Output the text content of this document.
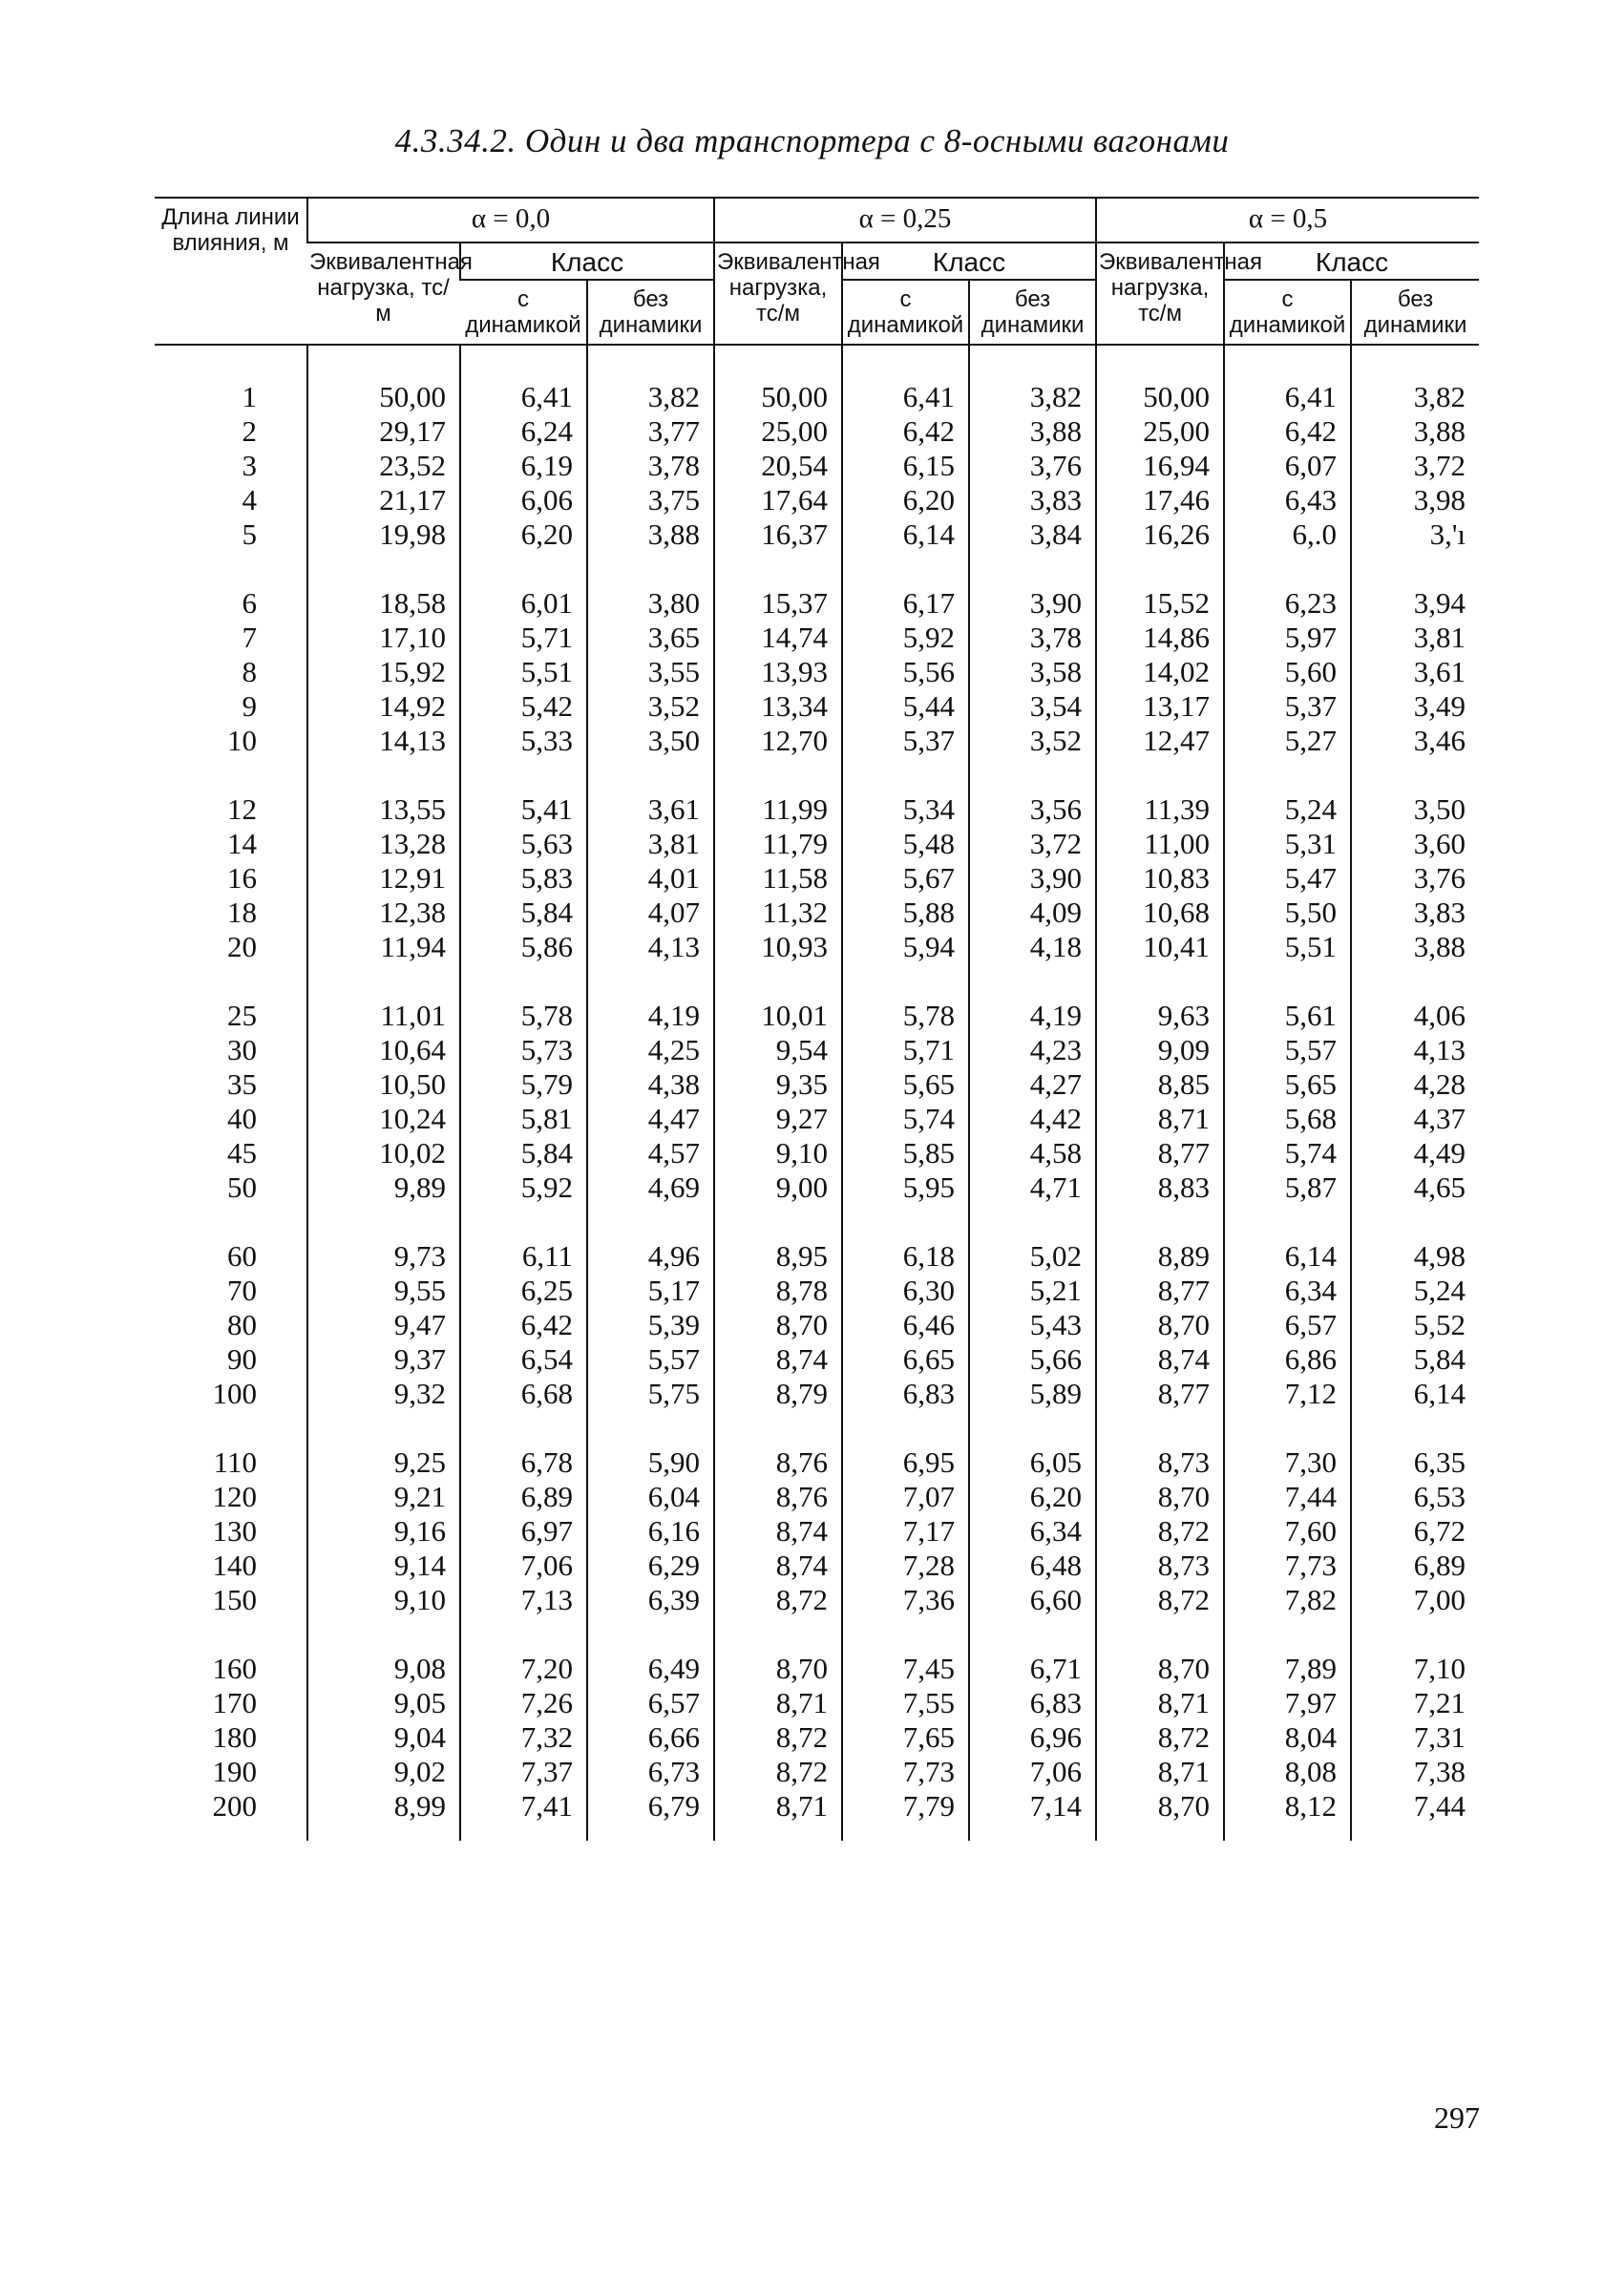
4.3.34.2. Один и два транспортера с 8-осными вагонами
Длина линии влияния, м	α = 0,0			α = 0,25			α = 0,5		
	Эквивалентная нагрузка, тс/м	Класс		Эквивалентная нагрузка, тс/м	Класс		Эквивалентная нагрузка, тс/м	Класс	
		с динамикой	без динамики		с динамикой	без динамики		с динамикой	без динамики

1	50,00	6,41	3,82	50,00	6,41	3,82	50,00	6,41	3,82
2	29,17	6,24	3,77	25,00	6,42	3,88	25,00	6,42	3,88
3	23,52	6,19	3,78	20,54	6,15	3,76	16,94	6,07	3,72
4	21,17	6,06	3,75	17,64	6,20	3,83	17,46	6,43	3,98
5	19,98	6,20	3,88	16,37	6,14	3,84	16,26	6,.0	3,'ı

6	18,58	6,01	3,80	15,37	6,17	3,90	15,52	6,23	3,94
7	17,10	5,71	3,65	14,74	5,92	3,78	14,86	5,97	3,81
8	15,92	5,51	3,55	13,93	5,56	3,58	14,02	5,60	3,61
9	14,92	5,42	3,52	13,34	5,44	3,54	13,17	5,37	3,49
10	14,13	5,33	3,50	12,70	5,37	3,52	12,47	5,27	3,46

12	13,55	5,41	3,61	11,99	5,34	3,56	11,39	5,24	3,50
14	13,28	5,63	3,81	11,79	5,48	3,72	11,00	5,31	3,60
16	12,91	5,83	4,01	11,58	5,67	3,90	10,83	5,47	3,76
18	12,38	5,84	4,07	11,32	5,88	4,09	10,68	5,50	3,83
20	11,94	5,86	4,13	10,93	5,94	4,18	10,41	5,51	3,88

25	11,01	5,78	4,19	10,01	5,78	4,19	9,63	5,61	4,06
30	10,64	5,73	4,25	9,54	5,71	4,23	9,09	5,57	4,13
35	10,50	5,79	4,38	9,35	5,65	4,27	8,85	5,65	4,28
40	10,24	5,81	4,47	9,27	5,74	4,42	8,71	5,68	4,37
45	10,02	5,84	4,57	9,10	5,85	4,58	8,77	5,74	4,49
50	9,89	5,92	4,69	9,00	5,95	4,71	8,83	5,87	4,65

60	9,73	6,11	4,96	8,95	6,18	5,02	8,89	6,14	4,98
70	9,55	6,25	5,17	8,78	6,30	5,21	8,77	6,34	5,24
80	9,47	6,42	5,39	8,70	6,46	5,43	8,70	6,57	5,52
90	9,37	6,54	5,57	8,74	6,65	5,66	8,74	6,86	5,84
100	9,32	6,68	5,75	8,79	6,83	5,89	8,77	7,12	6,14

110	9,25	6,78	5,90	8,76	6,95	6,05	8,73	7,30	6,35
120	9,21	6,89	6,04	8,76	7,07	6,20	8,70	7,44	6,53
130	9,16	6,97	6,16	8,74	7,17	6,34	8,72	7,60	6,72
140	9,14	7,06	6,29	8,74	7,28	6,48	8,73	7,73	6,89
150	9,10	7,13	6,39	8,72	7,36	6,60	8,72	7,82	7,00

160	9,08	7,20	6,49	8,70	7,45	6,71	8,70	7,89	7,10
170	9,05	7,26	6,57	8,71	7,55	6,83	8,71	7,97	7,21
180	9,04	7,32	6,66	8,72	7,65	6,96	8,72	8,04	7,31
190	9,02	7,37	6,73	8,72	7,73	7,06	8,71	8,08	7,38
200	8,99	7,41	6,79	8,71	7,79	7,14	8,70	8,12	7,44

297
